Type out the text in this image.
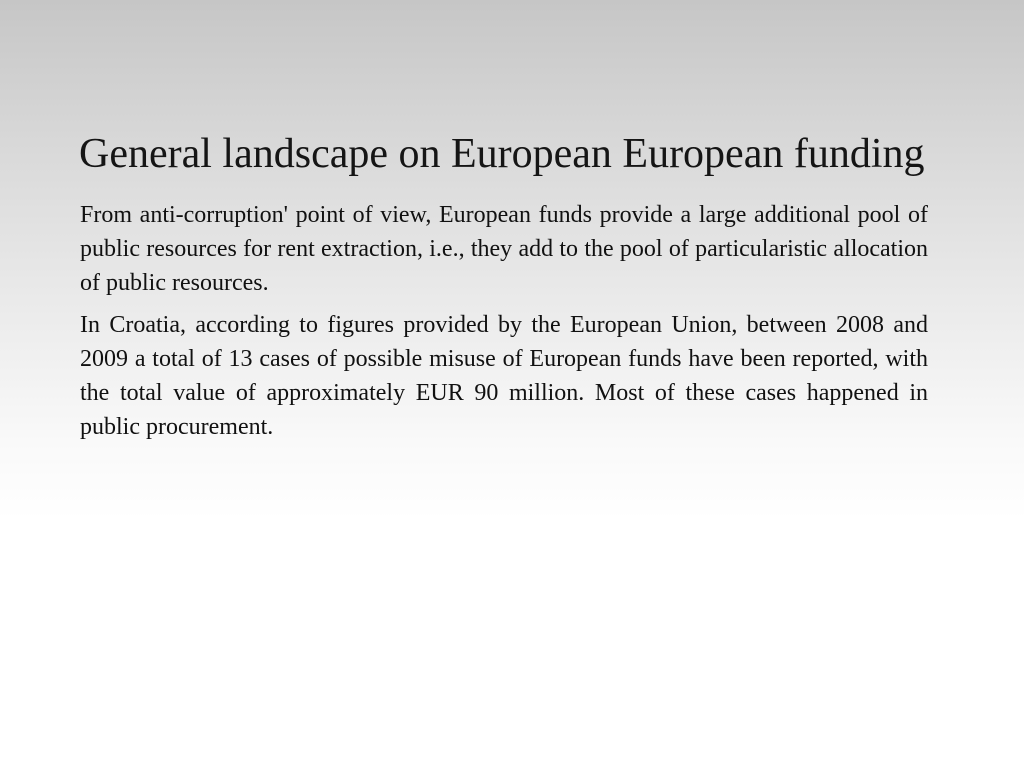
General landscape on European European funding

From anti-corruption' point of view, European funds provide a large additional pool of public resources for rent extraction, i.e., they add to the pool of particularistic allocation of public resources.

In Croatia, according to figures provided by the European Union, between 2008 and 2009 a total of 13 cases of possible misuse of European funds have been reported, with the total value of approximately EUR 90 million. Most of these cases happened in public procurement.
